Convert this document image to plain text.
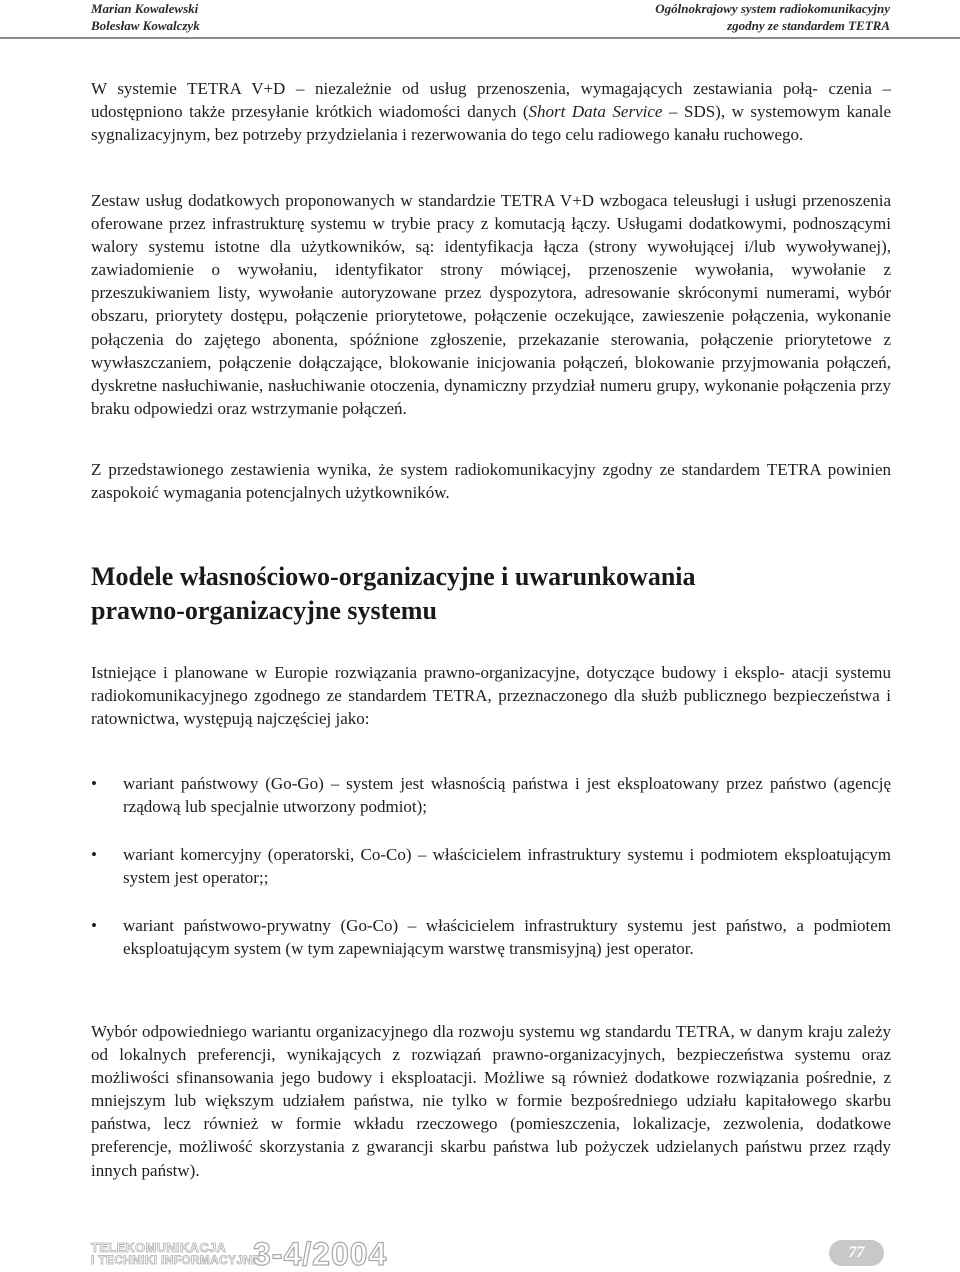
Marian Kowalewski
Bolesław Kowalczyk
Ogólnokrajowy system radiokomunikacyjny
zgodny ze standardem TETRA

W systemie TETRA V+D – niezależnie od usług przenoszenia, wymagających zestawiania połą- czenia – udostępniono także przesyłanie krótkich wiadomości danych (Short Data Service – SDS), w systemowym kanale sygnalizacyjnym, bez potrzeby przydzielania i rezerwowania do tego celu radiowego kanału ruchowego.

Zestaw usług dodatkowych proponowanych w standardzie TETRA V+D wzbogaca teleusługi i usługi przenoszenia oferowane przez infrastrukturę systemu w trybie pracy z komutacją łączy. Usługami dodatkowymi, podnoszącymi walory systemu istotne dla użytkowników, są: identyfikacja łącza (strony wywołującej i/lub wywoływanej), zawiadomienie o wywołaniu, identyfikator strony mówiącej, przenoszenie wywołania, wywołanie z przeszukiwaniem listy, wywołanie autoryzowane przez dyspozytora, adresowanie skróconymi numerami, wybór obszaru, priorytety dostępu, połączenie priorytetowe, połączenie oczekujące, zawieszenie połączenia, wykonanie połączenia do zajętego abonenta, spóźnione zgłoszenie, przekazanie sterowania, połączenie priorytetowe z wywłaszczaniem, połączenie dołączające, blokowanie inicjowania połączeń, blokowanie przyjmowania połączeń, dyskretne nasłuchiwanie, nasłuchiwanie otoczenia, dynamiczny przydział numeru grupy, wykonanie połączenia przy braku odpowiedzi oraz wstrzymanie połączeń.

Z przedstawionego zestawienia wynika, że system radiokomunikacyjny zgodny ze standardem TETRA powinien zaspokoić wymagania potencjalnych użytkowników.

Modele własnościowo-organizacyjne i uwarunkowania
prawno-organizacyjne systemu

Istniejące i planowane w Europie rozwiązania prawno-organizacyjne, dotyczące budowy i eksplo- atacji systemu radiokomunikacyjnego zgodnego ze standardem TETRA, przeznaczonego dla służb publicznego bezpieczeństwa i ratownictwa, występują najczęściej jako:

• wariant państwowy (Go-Go) – system jest własnością państwa i jest eksploatowany przez państwo (agencję rządową lub specjalnie utworzony podmiot);
• wariant komercyjny (operatorski, Co-Co) – właścicielem infrastruktury systemu i podmiotem eksploatującym system jest operator;;
• wariant państwowo-prywatny (Go-Co) – właścicielem infrastruktury systemu jest państwo, a podmiotem eksploatującym system (w tym zapewniającym warstwę transmisyjną) jest operator.

Wybór odpowiedniego wariantu organizacyjnego dla rozwoju systemu wg standardu TETRA, w danym kraju zależy od lokalnych preferencji, wynikających z rozwiązań prawno-organizacyjnych, bezpieczeństwa systemu oraz możliwości sfinansowania jego budowy i eksploatacji. Możliwe są również dodatkowe rozwiązania pośrednie, z mniejszym lub większym udziałem państwa, nie tylko w formie bezpośredniego udziału kapitałowego skarbu państwa, lecz również w formie wkładu rzeczowego (pomieszczenia, lokalizacje, zezwolenia, dodatkowe preferencje, możliwość skorzystania z gwarancji skarbu państwa lub pożyczek udzielanych państwu przez rządy innych państw).

TELEKOMUNIKACJA
I TECHNIKI INFORMACYJNE
3-4/2004	77
